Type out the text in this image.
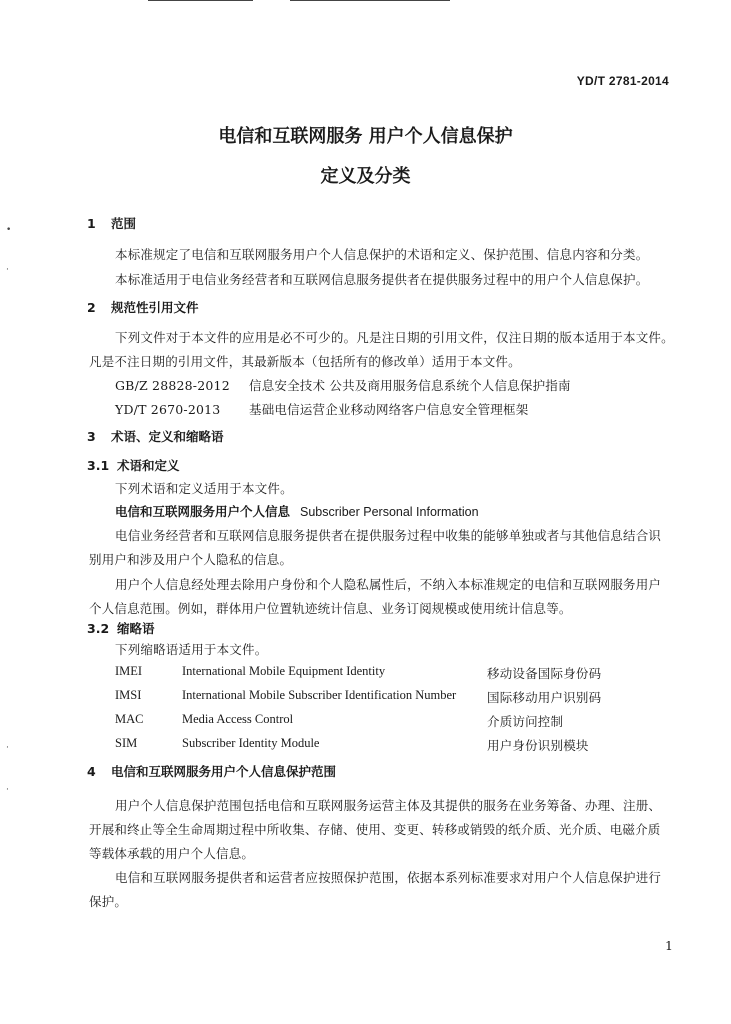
•
·
·
·
YD/T 2781-2014
电信和互联网服务 用户个人信息保护
定义及分类
1 范围
本标准规定了电信和互联网服务用户个人信息保护的术语和定义、保护范围、信息内容和分类。
本标准适用于电信业务经营者和互联网信息服务提供者在提供服务过程中的用户个人信息保护。
2 规范性引用文件
下列文件对于本文件的应用是必不可少的。凡是注日期的引用文件，仅注日期的版本适用于本文件。
凡是不注日期的引用文件，其最新版本（包括所有的修改单）适用于本文件。
GB/Z 28828-2012 信息安全技术 公共及商用服务信息系统个人信息保护指南
YD/T 2670-2013 基础电信运营企业移动网络客户信息安全管理框架
3 术语、定义和缩略语
3.1 术语和定义
下列术语和定义适用于本文件。
电信和互联网服务用户个人信息 Subscriber Personal Information
电信业务经营者和互联网信息服务提供者在提供服务过程中收集的能够单独或者与其他信息结合识
别用户和涉及用户个人隐私的信息。
用户个人信息经处理去除用户身份和个人隐私属性后，不纳入本标准规定的电信和互联网服务用户
个人信息范围。例如，群体用户位置轨迹统计信息、业务订阅规模或使用统计信息等。
3.2 缩略语
下列缩略语适用于本文件。
IMEI	International Mobile Equipment Identity	移动设备国际身份码
IMSI	International Mobile Subscriber Identification Number 国际移动用户识别码
MAC	Media Access Control	介质访问控制
SIM	Subscriber Identity Module	用户身份识别模块
4 电信和互联网服务用户个人信息保护范围
用户个人信息保护范围包括电信和互联网服务运营主体及其提供的服务在业务筹备、办理、注册、
开展和终止等全生命周期过程中所收集、存储、使用、变更、转移或销毁的纸介质、光介质、电磁介质
等载体承载的用户个人信息。
电信和互联网服务提供者和运营者应按照保护范围，依据本系列标准要求对用户个人信息保护进行
保护。
1
